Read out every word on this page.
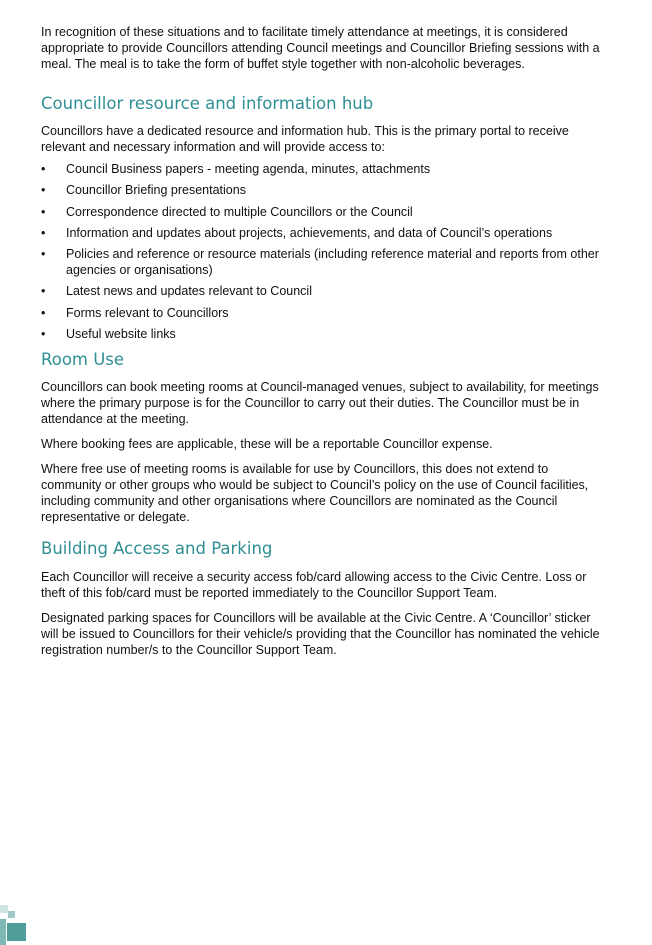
In recognition of these situations and to facilitate timely attendance at meetings, it is considered appropriate to provide Councillors attending Council meetings and Councillor Briefing sessions with a meal. The meal is to take the form of buffet style together with non-alcoholic beverages.

Councillor resource and information hub

Councillors have a dedicated resource and information hub. This is the primary portal to receive relevant and necessary information and will provide access to:

•	Council Business papers - meeting agenda, minutes, attachments
•	Councillor Briefing presentations
•	Correspondence directed to multiple Councillors or the Council
•	Information and updates about projects, achievements, and data of Council’s operations
•	Policies and reference or resource materials (including reference material and reports from other agencies or organisations)
•	Latest news and updates relevant to Council
•	Forms relevant to Councillors
•	Useful website links
Room Use

Councillors can book meeting rooms at Council-managed venues, subject to availability, for meetings where the primary purpose is for the Councillor to carry out their duties. The Councillor must be in attendance at the meeting.

Where booking fees are applicable, these will be a reportable Councillor expense.

Where free use of meeting rooms is available for use by Councillors, this does not extend to community or other groups who would be subject to Council’s policy on the use of Council facilities, including community and other organisations where Councillors are nominated as the Council representative or delegate.

Building Access and Parking

Each Councillor will receive a security access fob/card allowing access to the Civic Centre. Loss or theft of this fob/card must be reported immediately to the Councillor Support Team.

Designated parking spaces for Councillors will be available at the Civic Centre. A ‘Councillor’ sticker will be issued to Councillors for their vehicle/s providing that the Councillor has nominated the vehicle registration number/s to the Councillor Support Team.
